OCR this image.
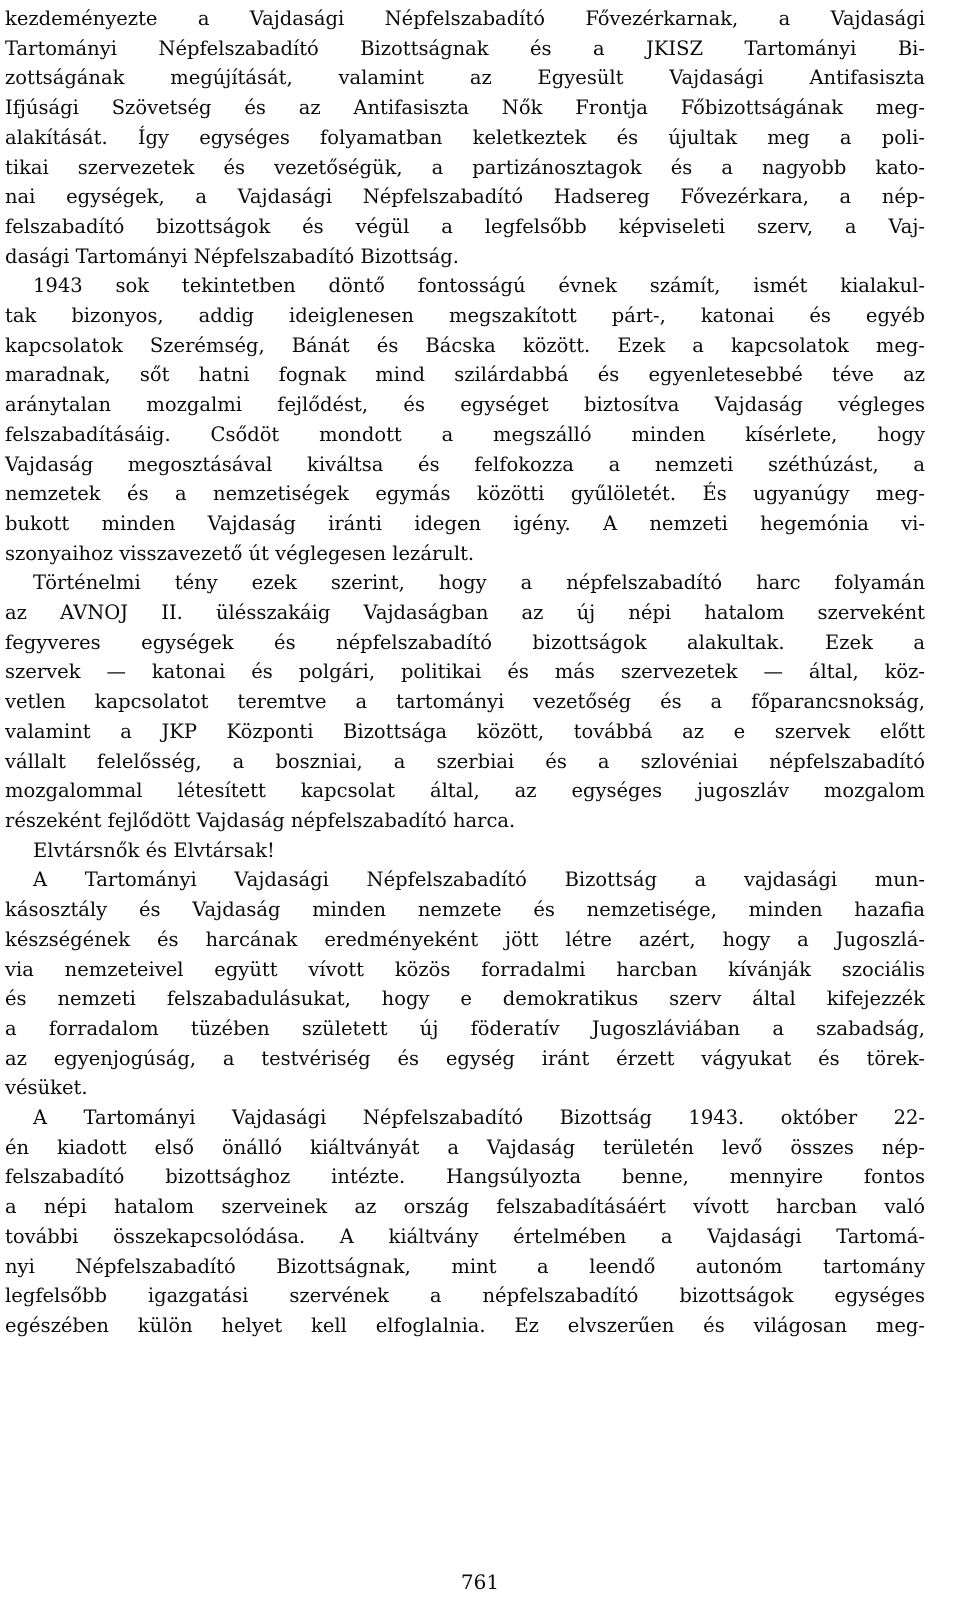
kezdeményezte a Vajdasági Népfelszabadító Fővezérkarnak, a Vajdasági
Tartományi Népfelszabadító Bizottságnak és a JKISZ Tartományi Bi-
zottságának megújítását, valamint az Egyesült Vajdasági Antifasiszta
Ifjúsági Szövetség és az Antifasiszta Nők Frontja Főbizottságának meg-
alakítását. Így egységes folyamatban keletkeztek és újultak meg a poli-
tikai szervezetek és vezetőségük, a partizánosztagok és a nagyobb kato-
nai egységek, a Vajdasági Népfelszabadító Hadsereg Fővezérkara, a nép-
felszabadító bizottságok és végül a legfelsőbb képviseleti szerv, a Vaj-
dasági Tartományi Népfelszabadító Bizottság.
1943 sok tekintetben döntő fontosságú évnek számít, ismét kialakul-
tak bizonyos, addig ideiglenesen megszakított párt-, katonai és egyéb
kapcsolatok Szerémség, Bánát és Bácska között. Ezek a kapcsolatok meg-
maradnak, sőt hatni fognak mind szilárdabbá és egyenletesebbé téve az
aránytalan mozgalmi fejlődést, és egységet biztosítva Vajdaság végleges
felszabadításáig. Csődöt mondott a megszálló minden kísérlete, hogy
Vajdaság megosztásával kiváltsa és felfokozza a nemzeti széthúzást, a
nemzetek és a nemzetiségek egymás közötti gyűlöletét. És ugyanúgy meg-
bukott minden Vajdaság iránti idegen igény. A nemzeti hegemónia vi-
szonyaihoz visszavezető út véglegesen lezárult.
Történelmi tény ezek szerint, hogy a népfelszabadító harc folyamán
az AVNOJ II. ülésszakáig Vajdaságban az új népi hatalom szerveként
fegyveres egységek és népfelszabadító bizottságok alakultak. Ezek a
szervek — katonai és polgári, politikai és más szervezetek — által, köz-
vetlen kapcsolatot teremtve a tartományi vezetőség és a főparancsnokság,
valamint a JKP Központi Bizottsága között, továbbá az e szervek előtt
vállalt felelősség, a boszniai, a szerbiai és a szlovéniai népfelszabadító
mozgalommal létesített kapcsolat által, az egységes jugoszláv mozgalom
részeként fejlődött Vajdaság népfelszabadító harca.
Elvtársnők és Elvtársak!
A Tartományi Vajdasági Népfelszabadító Bizottság a vajdasági mun-
kásosztály és Vajdaság minden nemzete és nemzetisége, minden hazafia
készségének és harcának eredményeként jött létre azért, hogy a Jugoszlá-
via nemzeteivel együtt vívott közös forradalmi harcban kívánják szociális
és nemzeti felszabadulásukat, hogy e demokratikus szerv által kifejezzék
a forradalom tüzében született új föderatív Jugoszláviában a szabadság,
az egyenjogúság, a testvériség és egység iránt érzett vágyukat és törek-
vésüket.
A Tartományi Vajdasági Népfelszabadító Bizottság 1943. október 22-
én kiadott első önálló kiáltványát a Vajdaság területén levő összes nép-
felszabadító bizottsághoz intézte. Hangsúlyozta benne, mennyire fontos
a népi hatalom szerveinek az ország felszabadításáért vívott harcban való
további összekapcsolódása. A kiáltvány értelmében a Vajdasági Tartomá-
nyi Népfelszabadító Bizottságnak, mint a leendő autonóm tartomány
legfelsőbb igazgatási szervének a népfelszabadító bizottságok egységes
egészében külön helyet kell elfoglalnia. Ez elvszerűen és világosan meg-
761
